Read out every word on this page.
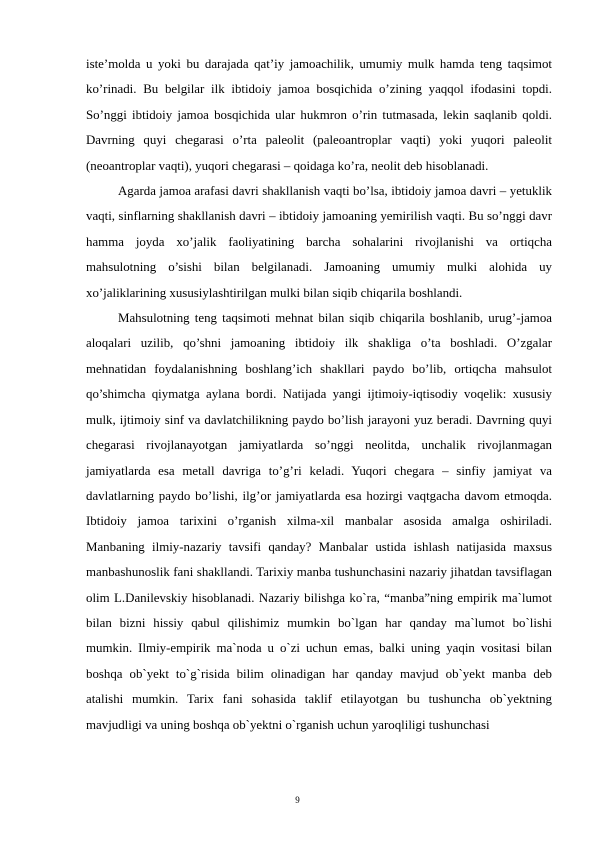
iste’molda u yoki bu darajada qat’iy jamoachilik, umumiy mulk hamda teng taqsimot ko’rinadi. Bu belgilar ilk ibtidoiy jamoa bosqichida o’zining yaqqol ifodasini topdi. So’nggi ibtidoiy jamoa bosqichida ular hukmron o’rin tutmasada, lekin saqlanib qoldi. Davrning quyi chegarasi o’rta paleolit (paleoantroplar vaqti) yoki yuqori paleolit (neoantroplar vaqti), yuqori chegarasi – qoidaga ko’ra, neolit deb hisoblanadi.

Agarda jamoa arafasi davri shakllanish vaqti bo’lsa, ibtidoiy jamoa davri – yetuklik vaqti, sinflarning shakllanish davri – ibtidoiy jamoaning yemirilish vaqti. Bu so’nggi davr hamma joyda xo’jalik faoliyatining barcha sohalarini rivojlanishi va ortiqcha mahsulotning o’sishi bilan belgilanadi. Jamoaning umumiy mulki alohida uy xo’jaliklarining xususiylashtirilgan mulki bilan siqib chiqarila boshlandi.

Mahsulotning teng taqsimoti mehnat bilan siqib chiqarila boshlanib, urug’-jamoa aloqalari uzilib, qo’shni jamoaning ibtidoiy ilk shakliga o’ta boshladi. O’zgalar mehnatidan foydalanishning boshlang’ich shakllari paydo bo’lib, ortiqcha mahsulot qo’shimcha qiymatga aylana bordi. Natijada yangi ijtimoiy-iqtisodiy voqelik: xususiy mulk, ijtimoiy sinf va davlatchilikning paydo bo’lish jarayoni yuz beradi. Davrning quyi chegarasi rivojlanayotgan jamiyatlarda so’nggi neolitda, unchalik rivojlanmagan jamiyatlarda esa metall davriga to’g’ri keladi. Yuqori chegara – sinfiy jamiyat va davlatlarning paydo bo’lishi, ilg’or jamiyatlarda esa hozirgi vaqtgacha davom etmoqda. Ibtidoiy jamoa tarixini o’rganish xilma-xil manbalar asosida amalga oshiriladi. Manbaning ilmiy-nazariy tavsifi qanday? Manbalar ustida ishlash natijasida maxsus manbashunoslik fani shakllandi. Tarixiy manba tushunchasini nazariy jihatdan tavsiflagan olim L.Danilevskiy hisoblanadi. Nazariy bilishga ko`ra, “manba”ning empirik ma`lumot bilan bizni hissiy qabul qilishimiz mumkin bo`lgan har qanday ma`lumot bo`lishi mumkin. Ilmiy-empirik ma`noda u o`zi uchun emas, balki uning yaqin vositasi bilan boshqa ob`yekt to`g`risida bilim olinadigan har qanday mavjud ob`yekt manba deb atalishi mumkin. Tarix fani sohasida taklif etilayotgan bu tushuncha ob`yektning mavjudligi va uning boshqa ob`yektni o`rganish uchun yaroqliligi tushunchasi

9
